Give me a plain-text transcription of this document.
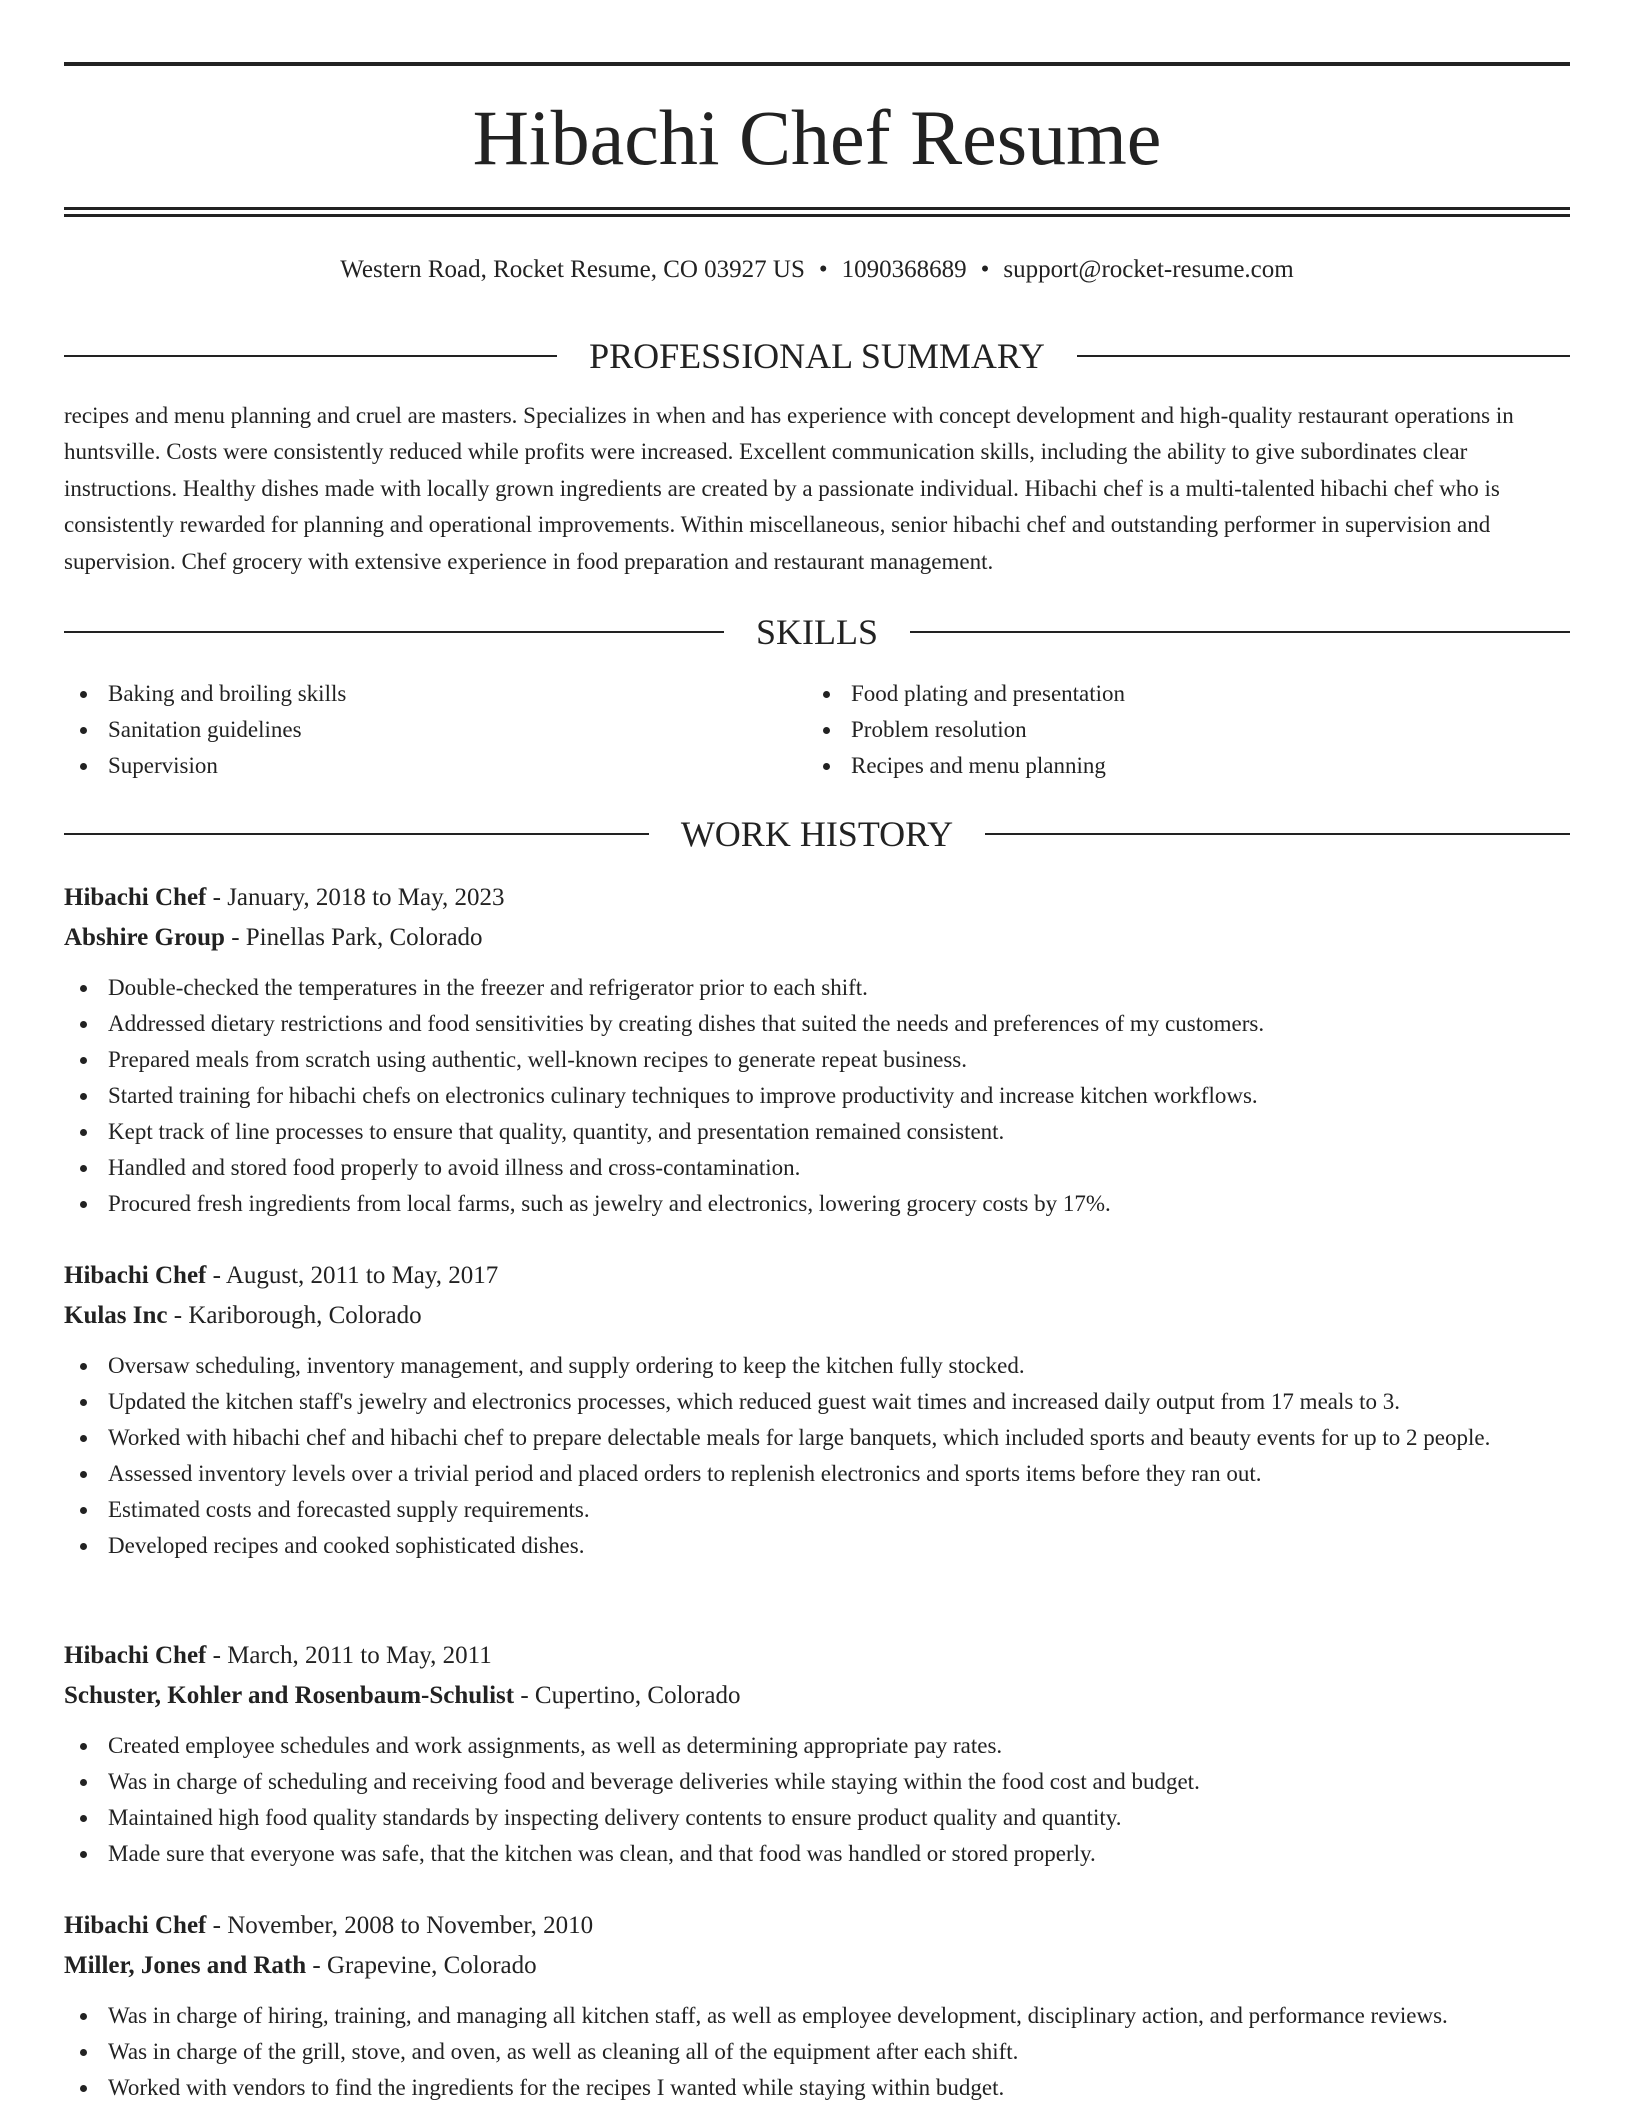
Hibachi Chef Resume
Western Road, Rocket Resume, CO 03927 US • 1090368689 • support@rocket-resume.com
PROFESSIONAL SUMMARY

recipes and menu planning and cruel are masters. Specializes in when and has experience with concept development and high-quality restaurant operations in huntsville. Costs were consistently reduced while profits were increased. Excellent communication skills, including the ability to give subordinates clear instructions. Healthy dishes made with locally grown ingredients are created by a passionate individual. Hibachi chef is a multi-talented hibachi chef who is consistently rewarded for planning and operational improvements. Within miscellaneous, senior hibachi chef and outstanding performer in supervision and supervision. Chef grocery with extensive experience in food preparation and restaurant management.

SKILLS
Baking and broiling skills
Sanitation guidelines
Supervision
Food plating and presentation
Problem resolution
Recipes and menu planning
WORK HISTORY
Hibachi Chef - January, 2018 to May, 2023
Abshire Group - Pinellas Park, Colorado
Double-checked the temperatures in the freezer and refrigerator prior to each shift.
Addressed dietary restrictions and food sensitivities by creating dishes that suited the needs and preferences of my customers.
Prepared meals from scratch using authentic, well-known recipes to generate repeat business.
Started training for hibachi chefs on electronics culinary techniques to improve productivity and increase kitchen workflows.
Kept track of line processes to ensure that quality, quantity, and presentation remained consistent.
Handled and stored food properly to avoid illness and cross-contamination.
Procured fresh ingredients from local farms, such as jewelry and electronics, lowering grocery costs by 17%.
Hibachi Chef - August, 2011 to May, 2017
Kulas Inc - Kariborough, Colorado
Oversaw scheduling, inventory management, and supply ordering to keep the kitchen fully stocked.
Updated the kitchen staff's jewelry and electronics processes, which reduced guest wait times and increased daily output from 17 meals to 3.
Worked with hibachi chef and hibachi chef to prepare delectable meals for large banquets, which included sports and beauty events for up to 2 people.
Assessed inventory levels over a trivial period and placed orders to replenish electronics and sports items before they ran out.
Estimated costs and forecasted supply requirements.
Developed recipes and cooked sophisticated dishes.
Hibachi Chef - March, 2011 to May, 2011
Schuster, Kohler and Rosenbaum-Schulist - Cupertino, Colorado
Created employee schedules and work assignments, as well as determining appropriate pay rates.
Was in charge of scheduling and receiving food and beverage deliveries while staying within the food cost and budget.
Maintained high food quality standards by inspecting delivery contents to ensure product quality and quantity.
Made sure that everyone was safe, that the kitchen was clean, and that food was handled or stored properly.
Hibachi Chef - November, 2008 to November, 2010
Miller, Jones and Rath - Grapevine, Colorado
Was in charge of hiring, training, and managing all kitchen staff, as well as employee development, disciplinary action, and performance reviews.
Was in charge of the grill, stove, and oven, as well as cleaning all of the equipment after each shift.
Worked with vendors to find the ingredients for the recipes I wanted while staying within budget.
